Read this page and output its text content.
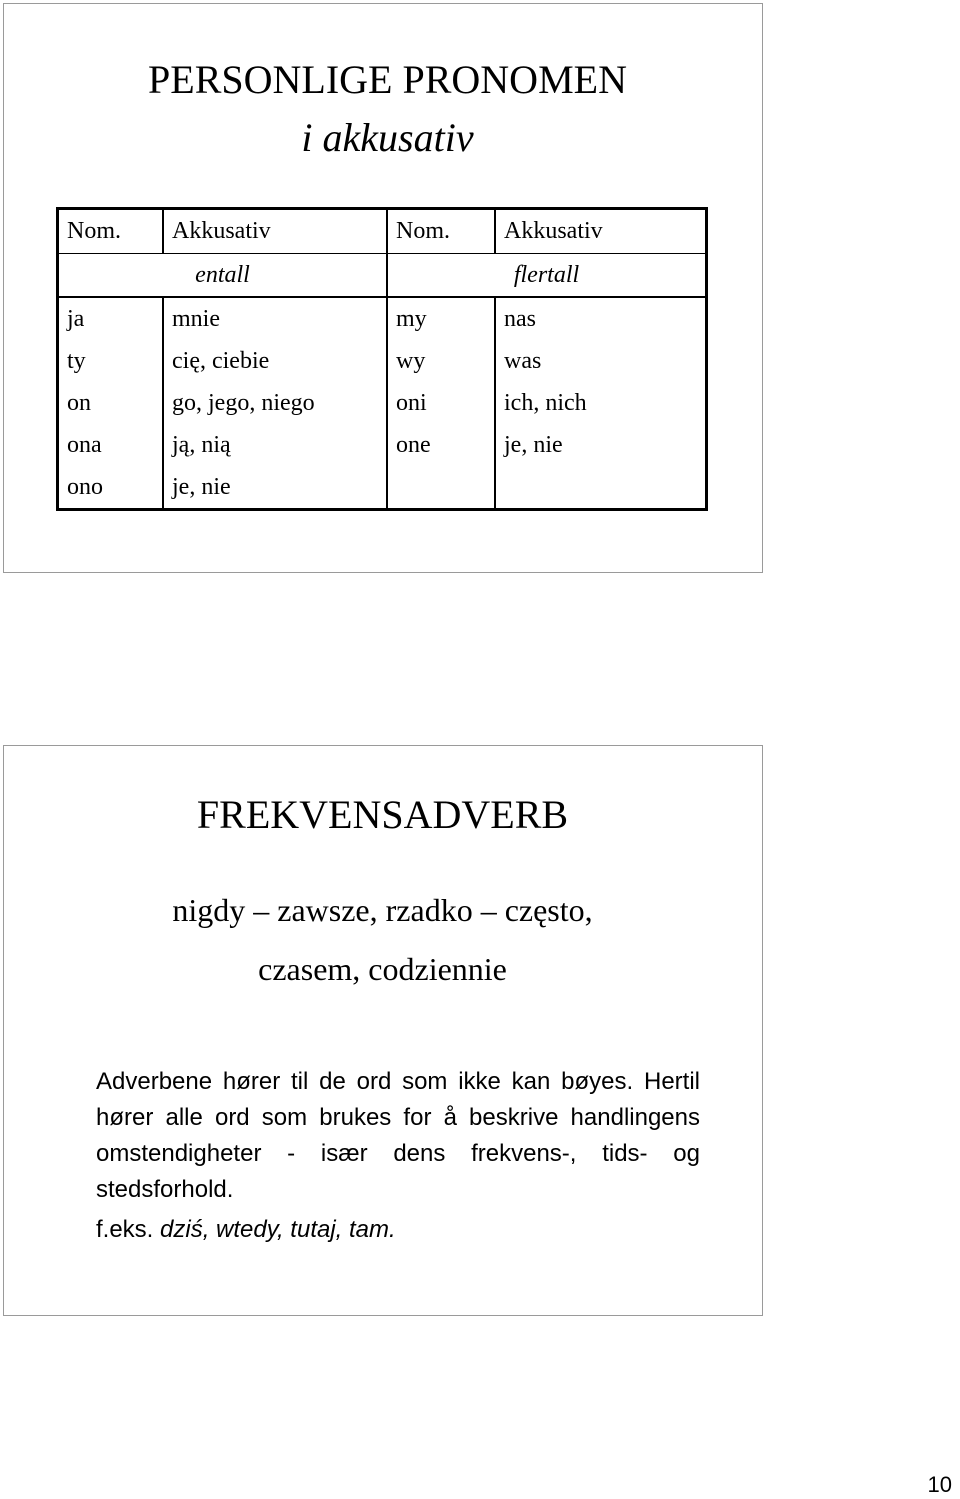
PERSONLIGE PRONOMEN
i akkusativ
Nom.	Akkusativ	Nom.	Akkusativ
entall		flertall	
ja	mnie	my	nas
ty	cię, ciebie	wy	was
on	go, jego, niego	oni	ich, nich
ona	ją, nią	one	je, nie
ono	je, nie		
FREKVENSADVERB
nigdy – zawsze, rzadko – często,
czasem, codziennie

Adverbene hører til de ord som ikke kan bøyes. Hertil hører alle ord som brukes for å beskrive handlingens omstendigheter - især dens frekvens-, tids- og stedsforhold.

f.eks. dziś, wtedy, tutaj, tam.
10
